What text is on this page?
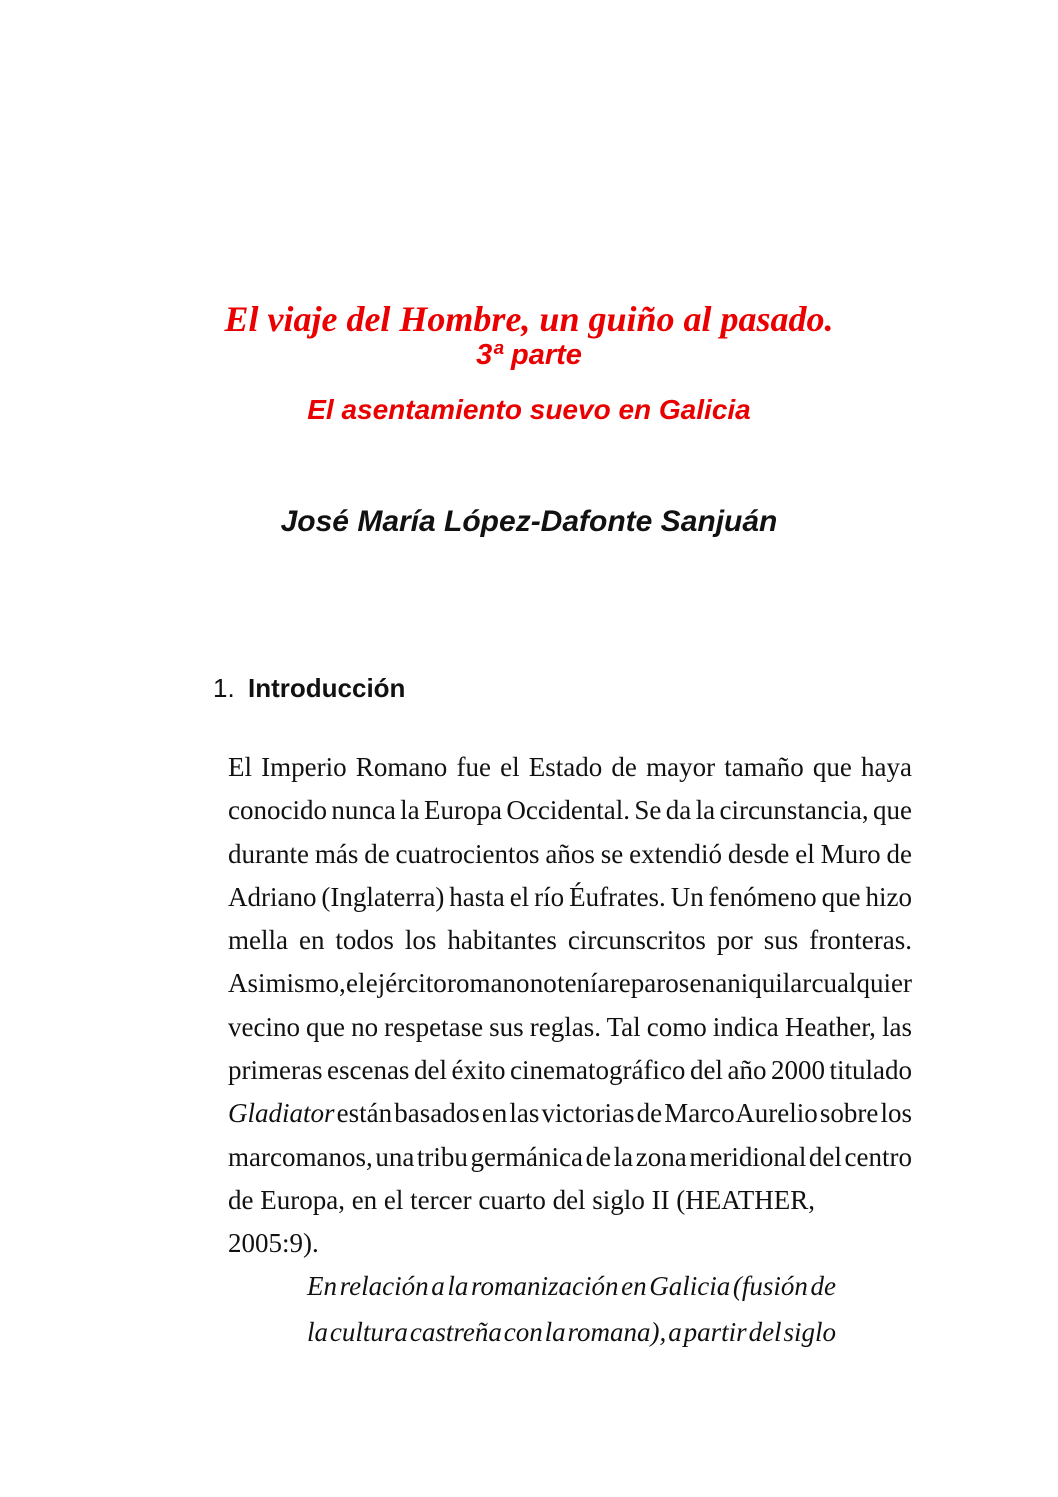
El viaje del Hombre, un guiño al pasado.
3ª parte
El asentamiento suevo en Galicia
José María López-Dafonte Sanjuán
1. Introducción
El Imperio Romano fue el Estado de mayor tamaño que haya
conocido nunca la Europa Occidental. Se da la circunstancia, que
durante más de cuatrocientos años se extendió desde el Muro de
Adriano (Inglaterra) hasta el río Éufrates. Un fenómeno que hizo
mella en todos los habitantes circunscritos por sus fronteras.
Asimismo, el ejército romano no tenía reparos en aniquilar cualquier
vecino que no respetase sus reglas. Tal como indica Heather, las
primeras escenas del éxito cinematográfico del año 2000 titulado
Gladiator están basados en las victorias de Marco Aurelio sobre los
marcomanos, una tribu germánica de la zona meridional del centro
de Europa, en el tercer cuarto del siglo II (HEATHER, 2005:9).
En relación a la romanización en Galicia (fusión de
la cultura castreña con la romana), a partir del siglo
